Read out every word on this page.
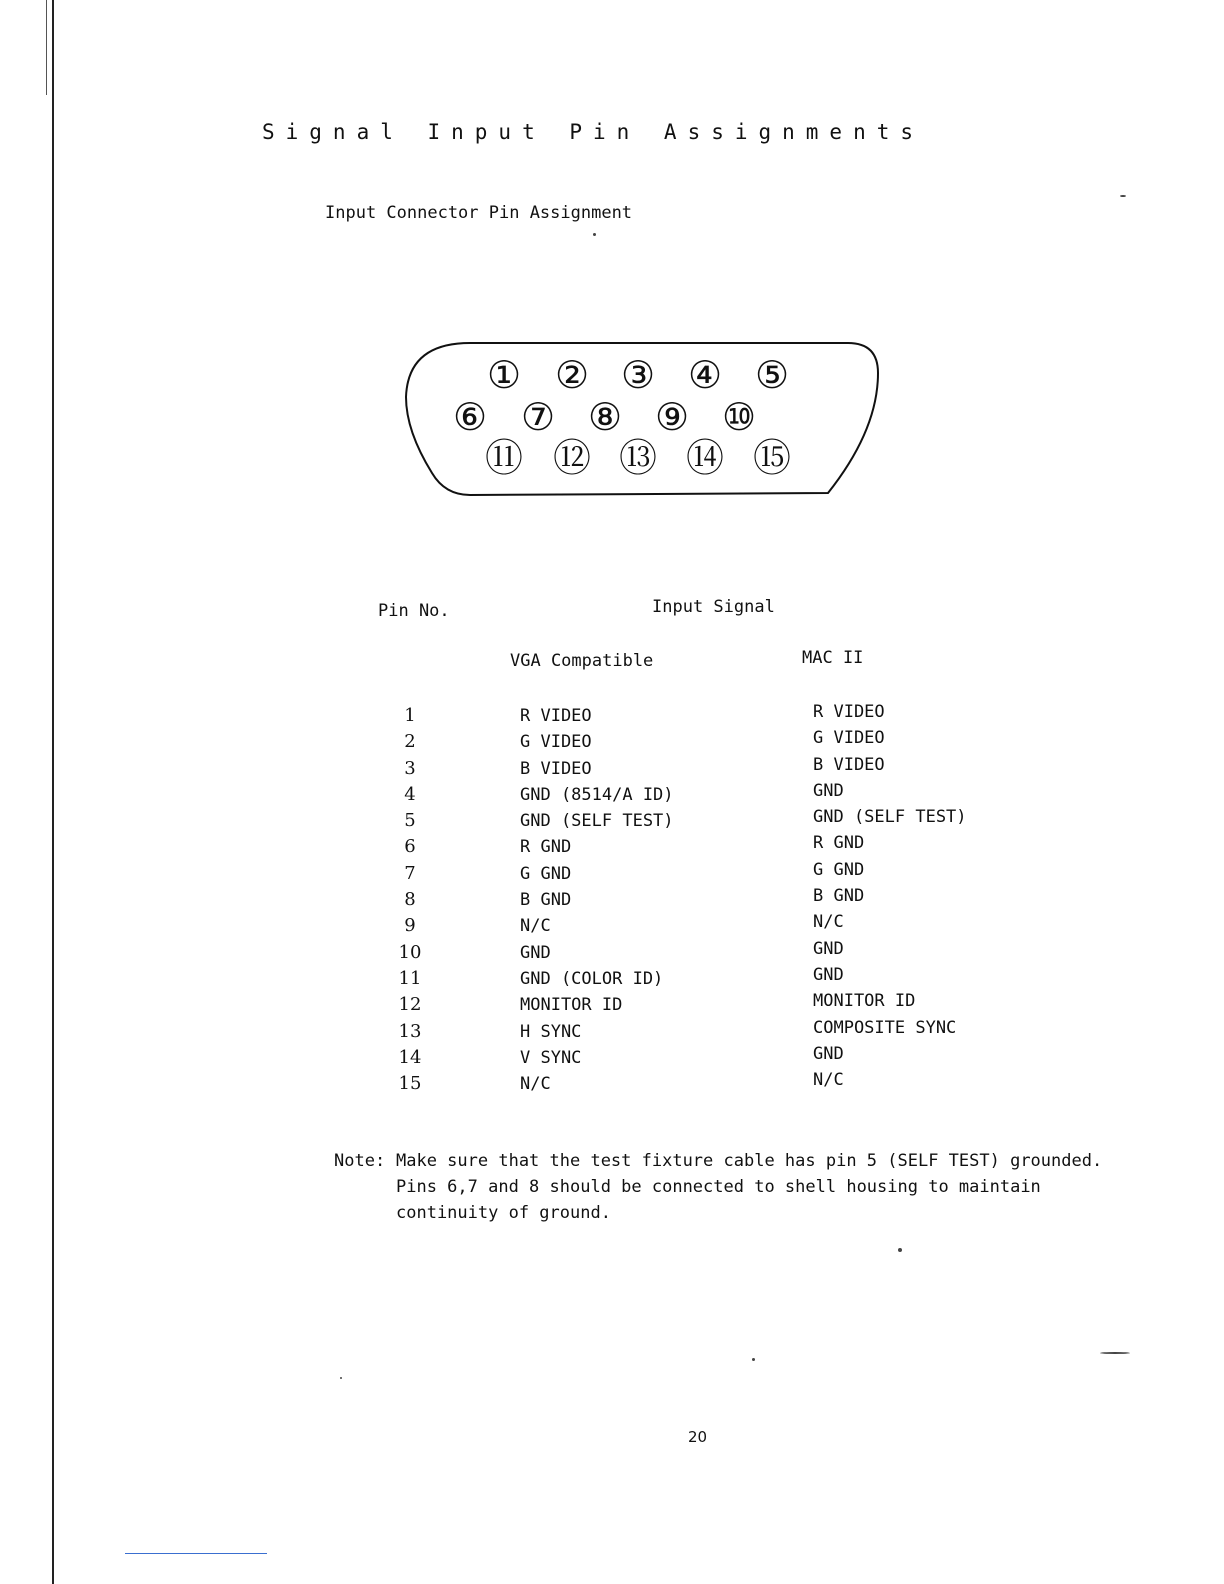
Signal Input Pin Assignments
Input Connector Pin Assignment
① ② ③ ④ ⑤
⑥ ⑦ ⑧ ⑨ ⑩
⑪ ⑫ ⑬ ⑭ ⑮
Pin No.	Input Signal
VGA Compatible	MAC II
1
2
3
4
5
6
7
8
9
10
11
12
13
14
15
R VIDEO
G VIDEO
B VIDEO
GND (8514/A ID)
GND (SELF TEST)
R GND
G GND
B GND
N/C
GND
GND (COLOR ID)
MONITOR ID
H SYNC
V SYNC
N/C
R VIDEO
G VIDEO
B VIDEO
GND
GND (SELF TEST)
R GND
G GND
B GND
N/C
GND
GND
MONITOR ID
COMPOSITE SYNC
GND
N/C
Note: Make sure that the test fixture cable has pin 5 (SELF TEST) grounded.
Pins 6,7 and 8 should be connected to shell housing to maintain
continuity of ground.
20
